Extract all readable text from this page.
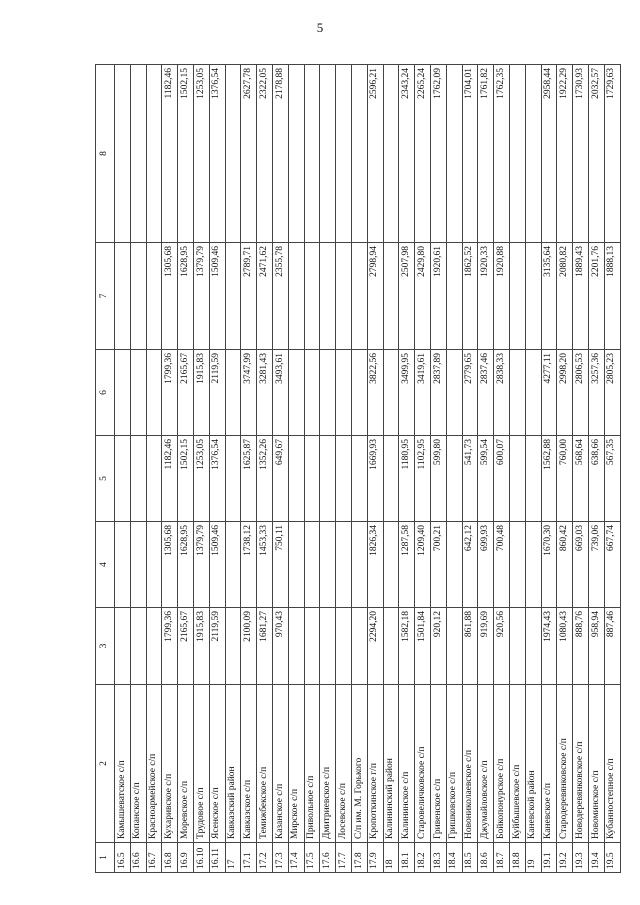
5
1	2	3	4	5	6	7	8
16.5	Камышеватское с/п						
16.6	Копанское с/п						
16.7	Красноармейское с/п						
16.8	Кухаривское с/п	1799,36	1305,68	1182,46	1799,36	1305,68	1182,46
16.9	Моревское с/п	2165,67	1628,95	1502,15	2165,67	1628,95	1502,15
16.10	Трудовое с/п	1915,83	1379,79	1253,05	1915,83	1379,79	1253,05
16.11	Ясенское с/п	2119,59	1509,46	1376,54	2119,59	1509,46	1376,54
17	Кавказский район						
17.1	Кавказское с/п	2100,09	1738,12	1625,87	3747,99	2789,71	2627,78
17.2	Темижбекское с/п	1681,27	1453,33	1352,26	3281,43	2471,62	2322,05
17.3	Казанское с/п	970,43	750,11	649,67	3493,61	2355,78	2178,88
17.4	Мирское с/п						
17.5	Привольное с/п						
17.6	Дмитриевское с/п						
17.7	Лосевское с/п						
17.8	С/п им. М. Горького						
17.9	Кропоткинское г/п	2294,20	1826,34	1669,93	3822,56	2798,94	2596,21
18	Калининский район						
18.1	Калининское с/п	1582,18	1287,58	1180,95	3499,95	2507,98	2343,24
18.2	Старовеличковское с/п	1501,84	1209,40	1102,95	3419,61	2429,80	2265,24
18.3	Гривенское с/п	920,12	700,21	599,80	2837,89	1920,61	1762,09
18.4	Гришковское с/п						
18.5	Новониколаевское с/п	861,88	642,12	541,73	2779,65	1862,52	1704,01
18.6	Джумайловское с/п	919,69	699,93	599,54	2837,46	1920,33	1761,82
18.7	Бойкопонурское с/п	920,56	700,48	600,07	2838,33	1920,88	1762,35
18.8	Куйбышевское с/п						
19	Каневской район						
19.1	Каневское с/п	1974,43	1670,30	1562,88	4277,11	3135,64	2958,44
19.2	Стародеревянковское с/п	1080,43	860,42	760,00	2998,20	2080,82	1922,29
19.3	Новодеревянковское с/п	888,76	669,03	568,64	2806,53	1889,43	1730,93
19.4	Новоминское с/п	958,94	739,06	638,66	3257,36	2201,76	2032,57
19.5	Кубанностепное с/п	887,46	667,74	567,35	2805,23	1888,13	1729,63
